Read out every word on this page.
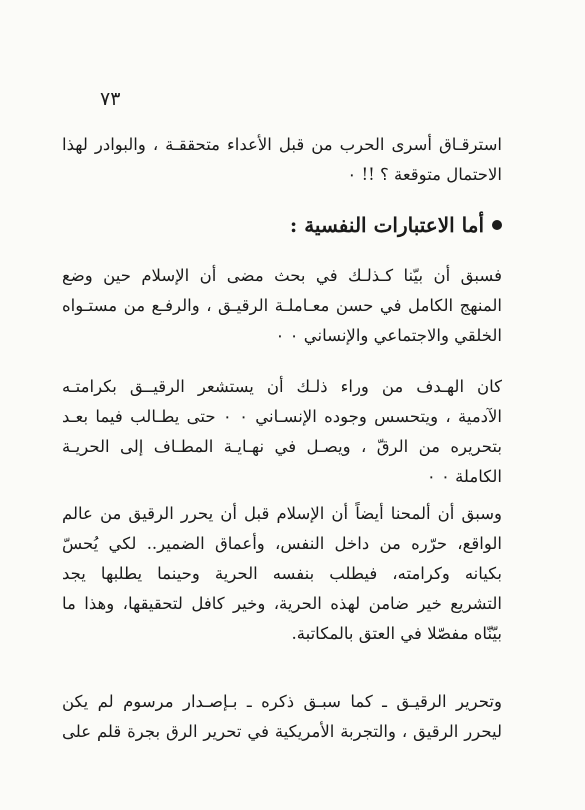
٧٣
استرقـاق أسرى الحرب من قبل الأعداء متحققـة ، والبوادر لهذا
الاحتمال متوقعة ؟ !! ٠
أما الاعتبارات النفسية :
فسبق أن بيّنا كـذلـك في بحث مضى أن الإسلام حين وضع
المنهج الكامل في حسن معـاملـة الرقيـق ، والرفـع من مستـواه
الخلقي والاجتماعي والإنساني ٠ ٠
كان الهـدف من وراء ذلـك أن يستشعر الرقيــق بكرامتـه
الآدمية ، ويتحسس وجوده الإنسـاني ٠ ٠ حتى يطـالب فيما بعـد
بتحريره من الرقّ ، ويصـل في نهـايـة المطـاف إلى الحريـة
الكاملة ٠ ٠
وسبق أن ألمحنا أيضاً أن الإسلام قبل أن يحرر الرقيق من عالم
الواقع، حرّره من داخل النفس، وأعماق الضمير.. لكي يُحسّ
بكيانه وكرامته، فيطلب بنفسه الحرية وحينما يطلبها يجد
التشريع خير ضامن لهذه الحرية، وخير كافل لتحقيقها، وهذا ما
بيّنّاه مفصّلا في العتق بالمكاتبة.
وتحرير الرقيـق ـ كما سبـق ذكره ـ بـإصـدار مرسوم لم يكن
ليحرر الرقيق ، والتجربة الأمريكية في تحرير الرق بجرة قلم على
